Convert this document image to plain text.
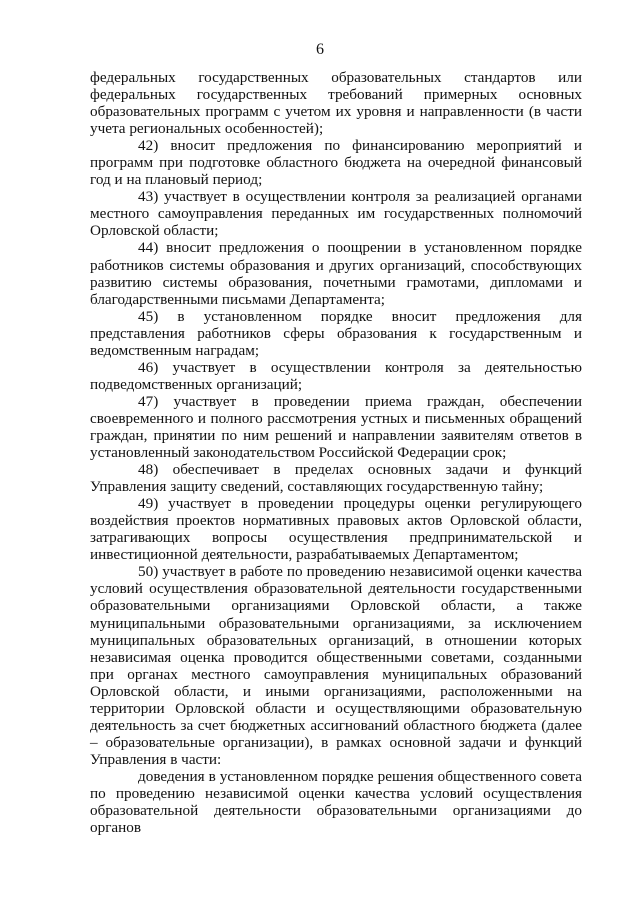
6

федеральных государственных образовательных стандартов или федеральных государственных требований примерных основных образовательных программ с учетом их уровня и направленности (в части учета региональных особенностей);

42) вносит предложения по финансированию мероприятий и программ при подготовке областного бюджета на очередной финансовый год и на плановый период;

43) участвует в осуществлении контроля за реализацией органами местного самоуправления переданных им государственных полномочий Орловской области;

44) вносит предложения о поощрении в установленном порядке работников системы образования и других организаций, способствующих развитию системы образования, почетными грамотами, дипломами и благодарственными письмами Департамента;

45) в установленном порядке вносит предложения для представления работников сферы образования к государственным и ведомственным наградам;

46) участвует в осуществлении контроля за деятельностью подведомственных организаций;

47) участвует в проведении приема граждан, обеспечении своевременного и полного рассмотрения устных и письменных обращений граждан, принятии по ним решений и направлении заявителям ответов в установленный законодательством Российской Федерации срок;

48) обеспечивает в пределах основных задачи и функций Управления защиту сведений, составляющих государственную тайну;

49) участвует в проведении процедуры оценки регулирующего воздействия проектов нормативных правовых актов Орловской области, затрагивающих вопросы осуществления предпринимательской и инвестиционной деятельности, разрабатываемых Департаментом;

50) участвует в работе по проведению независимой оценки качества условий осуществления образовательной деятельности государственными образовательными организациями Орловской области, а также муниципальными образовательными организациями, за исключением муниципальных образовательных организаций, в отношении которых независимая оценка проводится общественными советами, созданными при органах местного самоуправления муниципальных образований Орловской области, и иными организациями, расположенными на территории Орловской области и осуществляющими образовательную деятельность за счет бюджетных ассигнований областного бюджета (далее – образовательные организации), в рамках основной задачи и функций Управления в части:

доведения в установленном порядке решения общественного совета по проведению независимой оценки качества условий осуществления образовательной деятельности образовательными организациями до органов
